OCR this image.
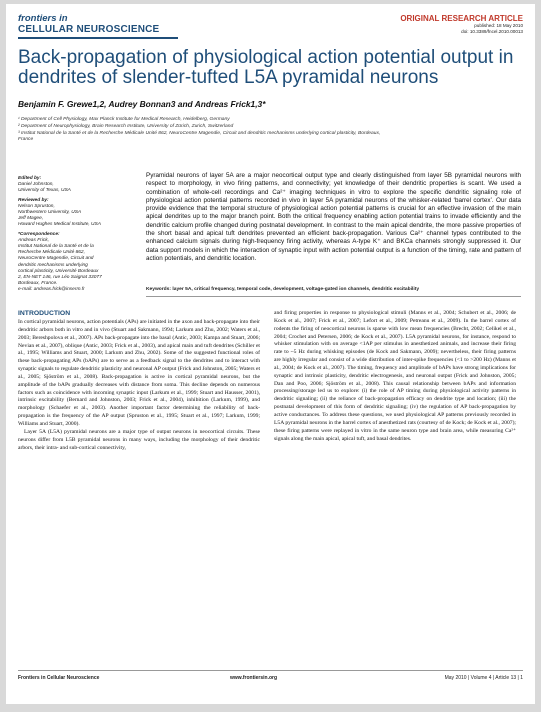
frontiers in
CELLULAR NEUROSCIENCE
ORIGINAL RESEARCH ARTICLE
published: 18 May 2010
doi: 10.3389/fncel.2010.00013
Back-propagation of physiological action potential output in dendrites of slender-tufted L5A pyramidal neurons
Benjamin F. Grewe1,2, Audrey Bonnan3 and Andreas Frick1,3*
¹ Department of Cell Physiology, Max Planck Institute for Medical Research, Heidelberg, Germany
² Department of Neurophysiology, Brain Research Institute, University of Zürich, Zurich, Switzerland
³ Institut National de la Santé et de la Recherche Médicale Unité 862, NeuroCentre Magendie, Circuit and dendritic mechanisms underlying cortical plasticity, Bordeaux,
France
Edited by:
Daniel Johnston,
University of Texas, USA
Reviewed by:
Nelson Spruston,
Northwestern University, USA
Jeff Magee,
Howard Hughes Medical Institute, USA
*Correspondence:
Andreas Frick,
Institut National de la Santé et de la
Recherche Médicale Unité 862,
NeuroCentre Magendie, Circuit and
dendritic mechanisms underlying
cortical plasticity, Université Bordeaux
2, EN-NET 146, rue Léo Saignat 33077
Bordeaux, France.
e-mail: andreas.frick@inserm.fr
Pyramidal neurons of layer 5A are a major neocortical output type and clearly distinguished from layer 5B pyramidal neurons with respect to morphology, in vivo firing patterns, and connectivity; yet knowledge of their dendritic properties is scant. We used a combination of whole-cell recordings and Ca²⁺ imaging techniques in vitro to explore the specific dendritic signaling role of physiological action potential patterns recorded in vivo in layer 5A pyramidal neurons of the whisker-related ‘barrel cortex’. Our data provide evidence that the temporal structure of physiological action potential patterns is crucial for an effective invasion of the main apical dendrites up to the major branch point. Both the critical frequency enabling action potential trains to invade efficiently and the dendritic calcium profile changed during postnatal development. In contrast to the main apical dendrite, the more passive properties of the short basal and apical tuft dendrites prevented an efficient back-propagation. Various Ca²⁺ channel types contributed to the enhanced calcium signals during high-frequency firing activity, whereas A-type K⁺ and BKCa channels strongly suppressed it. Our data support models in which the interaction of synaptic input with action potential output is a function of the timing, rate and pattern of action potentials, and dendritic location.
Keywords: layer 5A, critical frequency, temporal code, development, voltage-gated ion channels, dendritic excitability
INTRODUCTION

In cortical pyramidal neurons, action potentials (APs) are initiated in the axon and back-propagate into their dendritic arbors both in vitro and in vivo (Stuart and Sakmann, 1994; Larkum and Zhu, 2002; Waters et al., 2003; Bereshpolova et al., 2007). APs back-propagate into the basal (Antic, 2003; Kampa and Stuart, 2006; Nevian et al., 2007), oblique (Antic, 2003; Frick et al., 2003), and apical main and tuft dendrites (Schiller et al., 1995; Williams and Stuart, 2000; Larkum and Zhu, 2002). Some of the suggested functional roles of these back-propagating APs (bAPs) are to serve as a feedback signal to the dendrites and to interact with synaptic signals to regulate dendritic plasticity and neuronal AP output (Frick and Johnston, 2005; Waters et al., 2005; Sjöström et al., 2008). Back-propagation is active in cortical pyramidal neurons, but the amplitude of the bAPs gradually decreases with distance from soma. This decline depends on numerous factors such as coincidence with incoming synaptic input (Larkum et al., 1999; Stuart and Hausser, 2001), intrinsic excitability (Bernard and Johnston, 2003; Frick et al., 2004), inhibition (Larkum, 1999), and morphology (Schaefer et al., 2003). Another important factor determining the reliability of back-propagation is the frequency of the AP output (Spruston et al., 1995; Stuart et al., 1997; Larkum, 1999; Williams and Stuart, 2000).

Layer 5A (L5A) pyramidal neurons are a major type of output neurons in neocortical circuits. These neurons differ from L5B pyramidal neurons in many ways, including the morphology of their dendritic arbors, their intra- and sub-cortical connectivity,

and firing properties in response to physiological stimuli (Manns et al., 2004; Schubert et al., 2006; de Kock et al., 2007; Frick et al., 2007; Lefort et al., 2009; Petreanu et al., 2009). In the barrel cortex of rodents the firing of neocortical neurons is sparse with low mean frequencies (Brecht, 2002; Celikel et al., 2004; Crochet and Petersen, 2006; de Kock et al., 2007). L5A pyramidal neurons, for instance, respond to whisker stimulation with on average <1AP per stimulus in anesthetized animals, and increase their firing rate to ~5 Hz during whisking episodes (de Kock and Sakmann, 2009); nevertheless, their firing patterns are highly irregular and consist of a wide distribution of inter-spike frequencies (<1 to >200 Hz) (Manns et al., 2004; de Kock et al., 2007). The timing, frequency and amplitude of bAPs have strong implications for synaptic and intrinsic plasticity, dendritic electrogenesis, and neuronal output (Frick and Johnston, 2005; Dan and Poo, 2006; Sjöström et al., 2008). This causal relationship between bAPs and information processing/storage led us to explore: (i) the role of AP timing during physiological activity patterns in dendritic signaling; (ii) the reliance of back-propagation efficacy on dendrite type and location; (iii) the postnatal development of this form of dendritic signaling; (iv) the regulation of AP back-propagation by active conductances. To address these questions, we used physiological AP patterns previously recorded in L5A pyramidal neurons in the barrel cortex of anesthetized rats (courtesy of de Kock; de Kock et al., 2007); these firing patterns were replayed in vitro in the same neuron type and brain area, while measuring Ca²⁺ signals along the main apical, apical tuft, and basal dendrites.

Frontiers in Cellular Neuroscience	www.frontiersin.org	May 2010 | Volume 4 | Article 13 | 1
